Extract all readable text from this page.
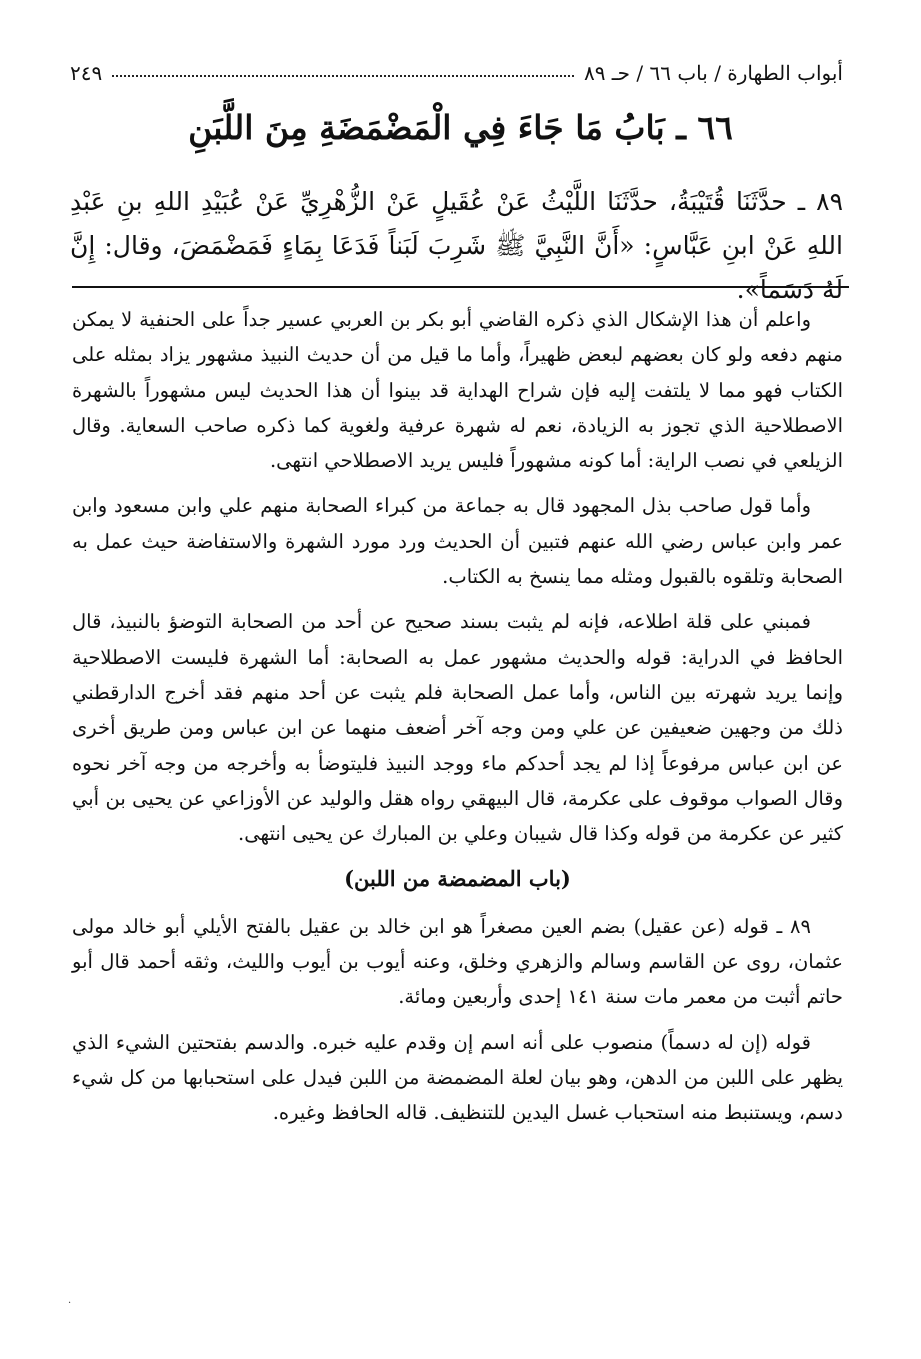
أبواب الطهارة / باب ٦٦ / حـ ٨٩
٢٤٩
٦٦ ـ بَابُ مَا جَاءَ فِي الْمَضْمَضَةِ مِنَ اللَّبَنِ
٨٩ ـ حدَّثَنَا قُتَيْبَةُ، حدَّثَنَا اللَّيْثُ عَنْ عُقَيلٍ عَنْ الزُّهْرِيِّ عَنْ عُبَيْدِ اللهِ بنِ عَبْدِ اللهِ عَنْ ابنِ عَبَّاسٍ: «أَنَّ النَّبِيَّ ﷺ شَرِبَ لَبَناً فَدَعَا بِمَاءٍ فَمَضْمَضَ، وقال: إِنَّ لَهُ دَسَماً».

واعلم أن هذا الإشكال الذي ذكره القاضي أبو بكر بن العربي عسير جداً على الحنفية لا يمكن منهم دفعه ولو كان بعضهم لبعض ظهيراً، وأما ما قيل من أن حديث النبيذ مشهور يزاد بمثله على الكتاب فهو مما لا يلتفت إليه فإن شراح الهداية قد بينوا أن هذا الحديث ليس مشهوراً بالشهرة الاصطلاحية الذي تجوز به الزيادة، نعم له شهرة عرفية ولغوية كما ذكره صاحب السعاية. وقال الزيلعي في نصب الراية: أما كونه مشهوراً فليس يريد الاصطلاحي انتهى.

وأما قول صاحب بذل المجهود قال به جماعة من كبراء الصحابة منهم علي وابن مسعود وابن عمر وابن عباس رضي الله عنهم فتبين أن الحديث ورد مورد الشهرة والاستفاضة حيث عمل به الصحابة وتلقوه بالقبول ومثله مما ينسخ به الكتاب.

فمبني على قلة اطلاعه، فإنه لم يثبت بسند صحيح عن أحد من الصحابة التوضؤ بالنبيذ، قال الحافظ في الدراية: قوله والحديث مشهور عمل به الصحابة: أما الشهرة فليست الاصطلاحية وإنما يريد شهرته بين الناس، وأما عمل الصحابة فلم يثبت عن أحد منهم فقد أخرج الدارقطني ذلك من وجهين ضعيفين عن علي ومن وجه آخر أضعف منهما عن ابن عباس ومن طريق أخرى عن ابن عباس مرفوعاً إذا لم يجد أحدكم ماء ووجد النبيذ فليتوضأ به وأخرجه من وجه آخر نحوه وقال الصواب موقوف على عكرمة، قال البيهقي رواه هقل والوليد عن الأوزاعي عن يحيى بن أبي كثير عن عكرمة من قوله وكذا قال شيبان وعلي بن المبارك عن يحيى انتهى.

(باب المضمضة من اللبن)

٨٩ ـ قوله (عن عقيل) بضم العين مصغراً هو ابن خالد بن عقيل بالفتح الأيلي أبو خالد مولى عثمان، روى عن القاسم وسالم والزهري وخلق، وعنه أيوب بن أيوب والليث، وثقه أحمد قال أبو حاتم أثبت من معمر مات سنة ١٤١ إحدى وأربعين ومائة.

قوله (إن له دسماً) منصوب على أنه اسم إن وقدم عليه خبره. والدسم بفتحتين الشيء الذي يظهر على اللبن من الدهن، وهو بيان لعلة المضمضة من اللبن فيدل على استحبابها من كل شيء دسم، ويستنبط منه استحباب غسل اليدين للتنظيف. قاله الحافظ وغيره.

·
